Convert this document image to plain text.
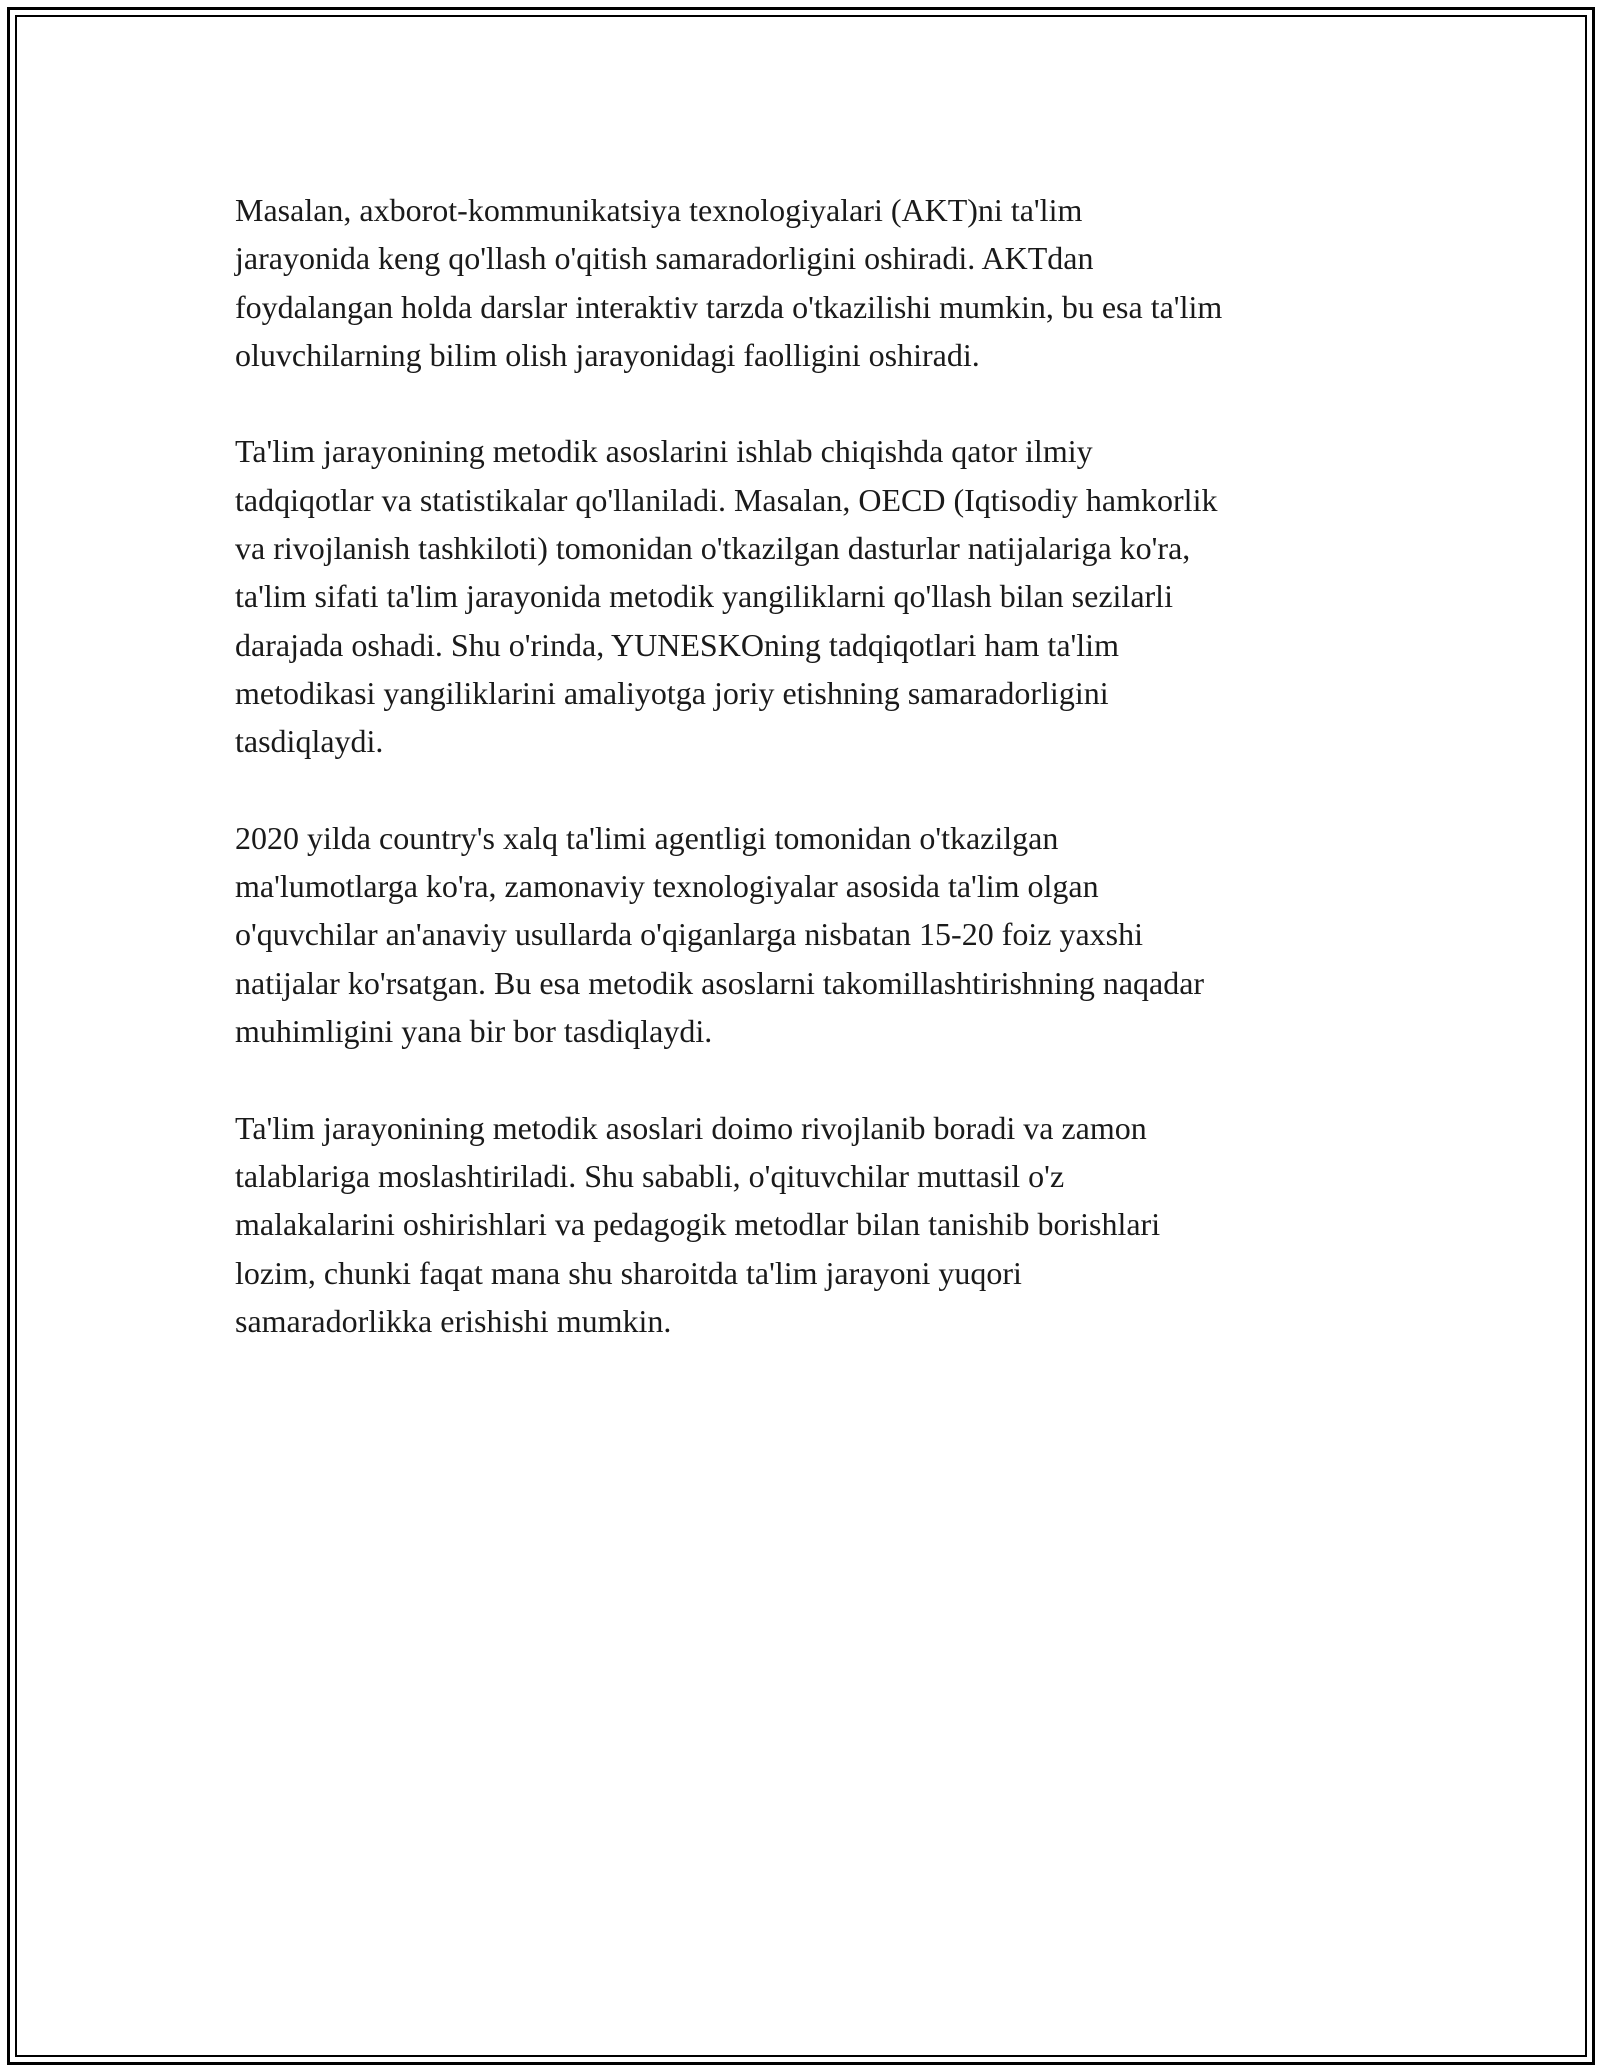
Masalan, axborot-kommunikatsiya texnologiyalari (AKT)ni ta'lim
jarayonida keng qo'llash o'qitish samaradorligini oshiradi. AKTdan
foydalangan holda darslar interaktiv tarzda o'tkazilishi mumkin, bu esa ta'lim
oluvchilarning bilim olish jarayonidagi faolligini oshiradi.
Ta'lim jarayonining metodik asoslarini ishlab chiqishda qator ilmiy
tadqiqotlar va statistikalar qo'llaniladi. Masalan, OECD (Iqtisodiy hamkorlik
va rivojlanish tashkiloti) tomonidan o'tkazilgan dasturlar natijalariga ko'ra,
ta'lim sifati ta'lim jarayonida metodik yangiliklarni qo'llash bilan sezilarli
darajada oshadi. Shu o'rinda, YUNESKOning tadqiqotlari ham ta'lim
metodikasi yangiliklarini amaliyotga joriy etishning samaradorligini
tasdiqlaydi.
2020 yilda country's xalq ta'limi agentligi tomonidan o'tkazilgan
ma'lumotlarga ko'ra, zamonaviy texnologiyalar asosida ta'lim olgan
o'quvchilar an'anaviy usullarda o'qiganlarga nisbatan 15-20 foiz yaxshi
natijalar ko'rsatgan. Bu esa metodik asoslarni takomillashtirishning naqadar
muhimligini yana bir bor tasdiqlaydi.
Ta'lim jarayonining metodik asoslari doimo rivojlanib boradi va zamon
talablariga moslashtiriladi. Shu sababli, o'qituvchilar muttasil o'z
malakalarini oshirishlari va pedagogik metodlar bilan tanishib borishlari
lozim, chunki faqat mana shu sharoitda ta'lim jarayoni yuqori
samaradorlikka erishishi mumkin.
